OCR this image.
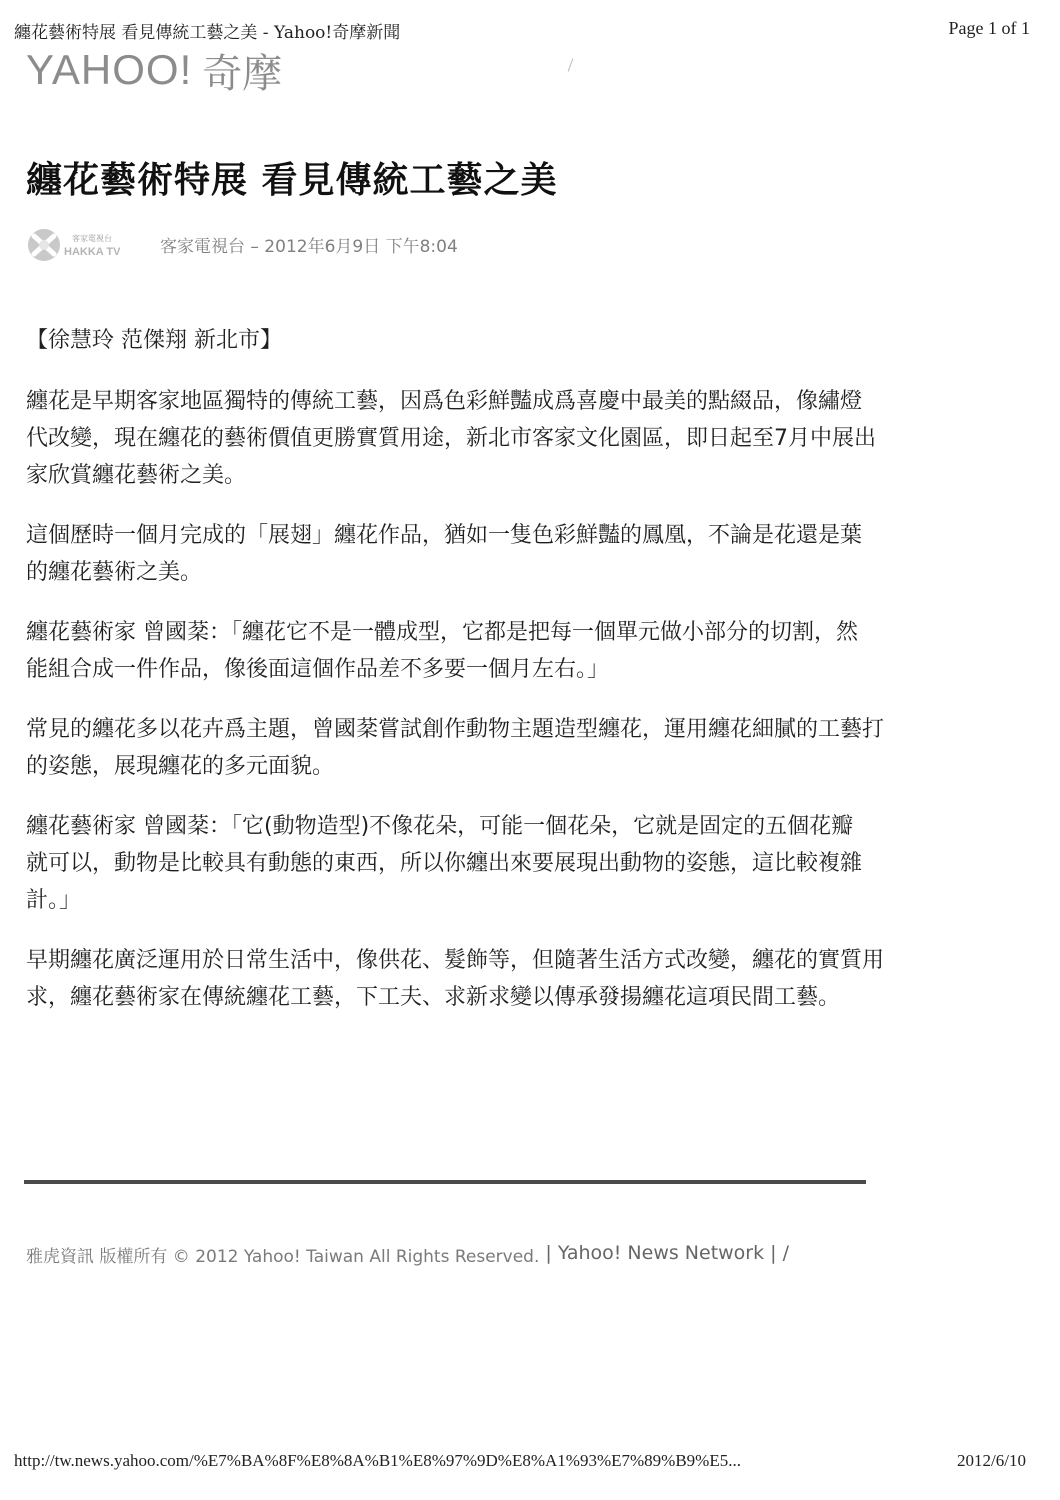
纏花藝術特展 看見傳統工藝之美 - Yahoo!奇摩新聞	Page 1 of 1
YAHOO! 奇摩
纏花藝術特展 看見傳統工藝之美
客家電視台
HAKKA TV 客家電視台 – 2012年6月9日 下午8:04

【徐慧玲 范傑翔 新北市】

纏花是早期客家地區獨特的傳統工藝，因爲色彩鮮豔成爲喜慶中最美的點綴品，像繡燈
代改變，現在纏花的藝術價值更勝實質用途，新北市客家文化園區，即日起至7月中展出
家欣賞纏花藝術之美。

這個歷時一個月完成的「展翅」纏花作品，猶如一隻色彩鮮豔的鳳凰，不論是花還是葉
的纏花藝術之美。

纏花藝術家 曾國棻：「纏花它不是一體成型，它都是把每一個單元做小部分的切割，然
能組合成一件作品，像後面這個作品差不多要一個月左右。」

常見的纏花多以花卉爲主題，曾國棻嘗試創作動物主題造型纏花，運用纏花細膩的工藝打
的姿態，展現纏花的多元面貌。

纏花藝術家 曾國棻：「它(動物造型)不像花朵，可能一個花朵，它就是固定的五個花瓣
就可以，動物是比較具有動態的東西，所以你纏出來要展現出動物的姿態，這比較複雜
計。」

早期纏花廣泛運用於日常生活中，像供花、髮飾等，但隨著生活方式改變，纏花的實質用
求，纏花藝術家在傳統纏花工藝，下工夫、求新求變以傳承發揚纏花這項民間工藝。

雅虎資訊 版權所有 © 2012 Yahoo! Taiwan All Rights Reserved. | Yahoo! News Network | /
http://tw.news.yahoo.com/%E7%BA%8F%E8%8A%B1%E8%97%9D%E8%A1%93%E7%89%B9%E5...	2012/6/10
